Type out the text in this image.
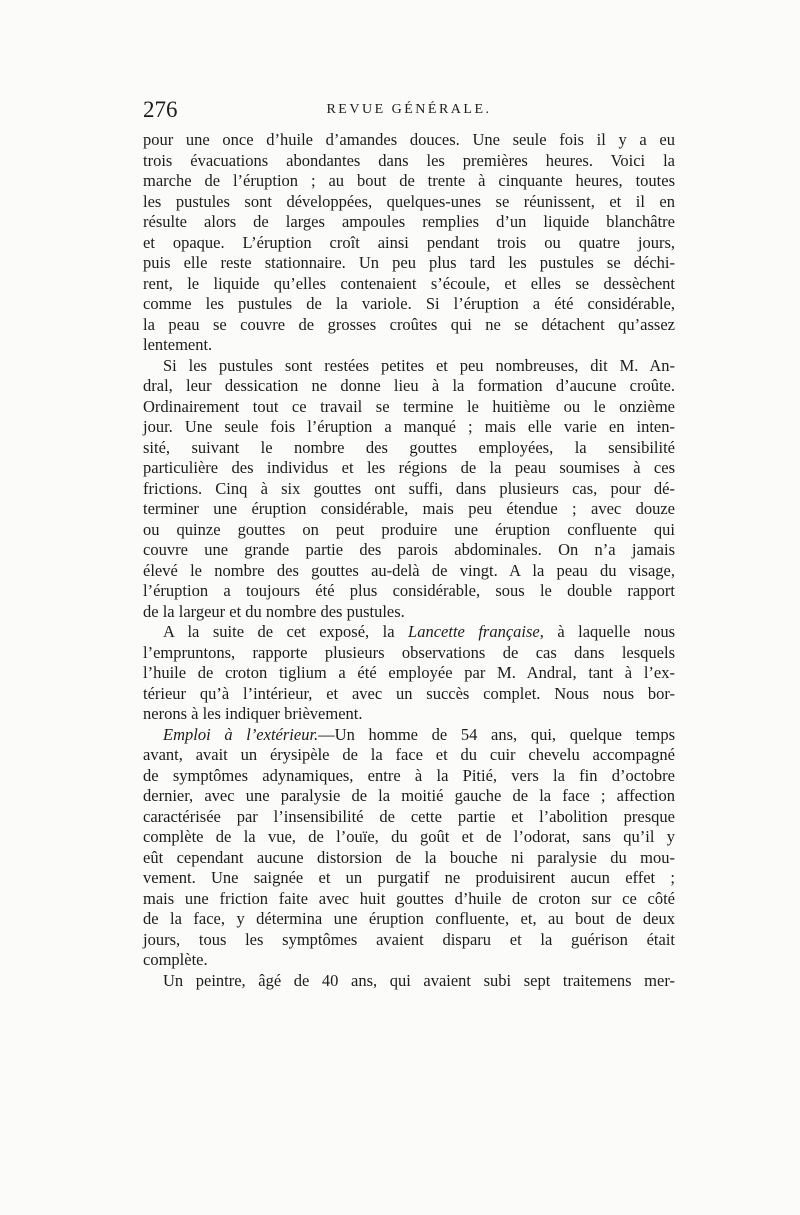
276	REVUE GÉNÉRALE.
pour une once d’huile d’amandes douces. Une seule fois il y a eu
trois évacuations abondantes dans les premières heures. Voici la
marche de l’éruption ; au bout de trente à cinquante heures, toutes
les pustules sont développées, quelques-unes se réunissent, et il en
résulte alors de larges ampoules remplies d’un liquide blanchâtre
et opaque. L’éruption croît ainsi pendant trois ou quatre jours,
puis elle reste stationnaire. Un peu plus tard les pustules se déchi-
rent, le liquide qu’elles contenaient s’écoule, et elles se dessèchent
comme les pustules de la variole. Si l’éruption a été considérable,
la peau se couvre de grosses croûtes qui ne se détachent qu’assez
lentement.
Si les pustules sont restées petites et peu nombreuses, dit M. An-
dral, leur dessication ne donne lieu à la formation d’aucune croûte.
Ordinairement tout ce travail se termine le huitième ou le onzième
jour. Une seule fois l’éruption a manqué ; mais elle varie en inten-
sité, suivant le nombre des gouttes employées, la sensibilité
particulière des individus et les régions de la peau soumises à ces
frictions. Cinq à six gouttes ont suffi, dans plusieurs cas, pour dé-
terminer une éruption considérable, mais peu étendue ; avec douze
ou quinze gouttes on peut produire une éruption confluente qui
couvre une grande partie des parois abdominales. On n’a jamais
élevé le nombre des gouttes au-delà de vingt. A la peau du visage,
l’éruption a toujours été plus considérable, sous le double rapport
de la largeur et du nombre des pustules.
A la suite de cet exposé, la Lancette française, à laquelle nous
l’empruntons, rapporte plusieurs observations de cas dans lesquels
l’huile de croton tiglium a été employée par M. Andral, tant à l’ex-
térieur qu’à l’intérieur, et avec un succès complet. Nous nous bor-
nerons à les indiquer brièvement.
Emploi à l’extérieur.—Un homme de 54 ans, qui, quelque temps
avant, avait un érysipèle de la face et du cuir chevelu accompagné
de symptômes adynamiques, entre à la Pitié, vers la fin d’octobre
dernier, avec une paralysie de la moitié gauche de la face ; affection
caractérisée par l’insensibilité de cette partie et l’abolition presque
complète de la vue, de l’ouïe, du goût et de l’odorat, sans qu’il y
eût cependant aucune distorsion de la bouche ni paralysie du mou-
vement. Une saignée et un purgatif ne produisirent aucun effet ;
mais une friction faite avec huit gouttes d’huile de croton sur ce côté
de la face, y détermina une éruption confluente, et, au bout de deux
jours, tous les symptômes avaient disparu et la guérison était
complète.
Un peintre, âgé de 40 ans, qui avaient subi sept traitemens mer-
